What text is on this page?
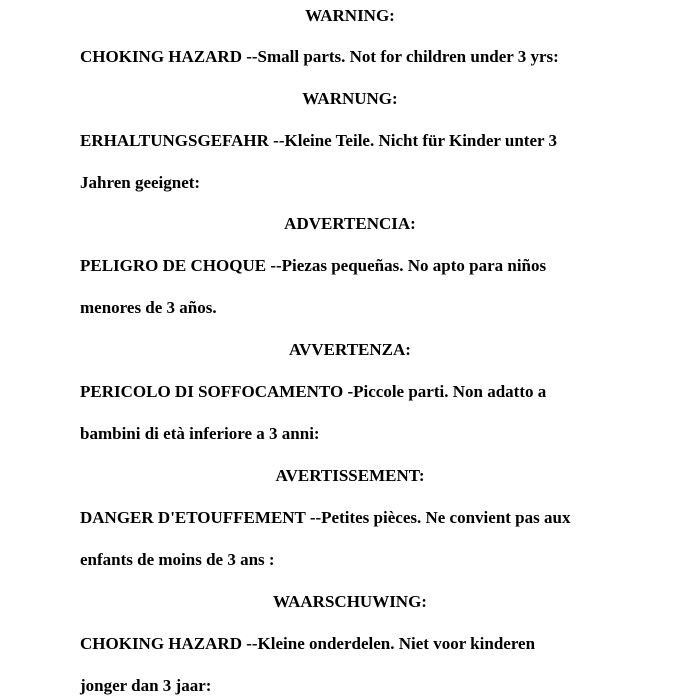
WARNING:
CHOKING HAZARD --Small parts. Not for children under 3 yrs:
WARNUNG:
ERHALTUNGSGEFAHR --Kleine Teile. Nicht für Kinder unter 3
Jahren geeignet:
ADVERTENCIA:
PELIGRO DE CHOQUE --Piezas pequeñas. No apto para niños
menores de 3 años.
AVVERTENZA:
PERICOLO DI SOFFOCAMENTO -Piccole parti. Non adatto a
bambini di età inferiore a 3 anni:
AVERTISSEMENT:
DANGER D'ETOUFFEMENT --Petites pièces. Ne convient pas aux
enfants de moins de 3 ans :
WAARSCHUWING:
CHOKING HAZARD --Kleine onderdelen. Niet voor kinderen
jonger dan 3 jaar:
